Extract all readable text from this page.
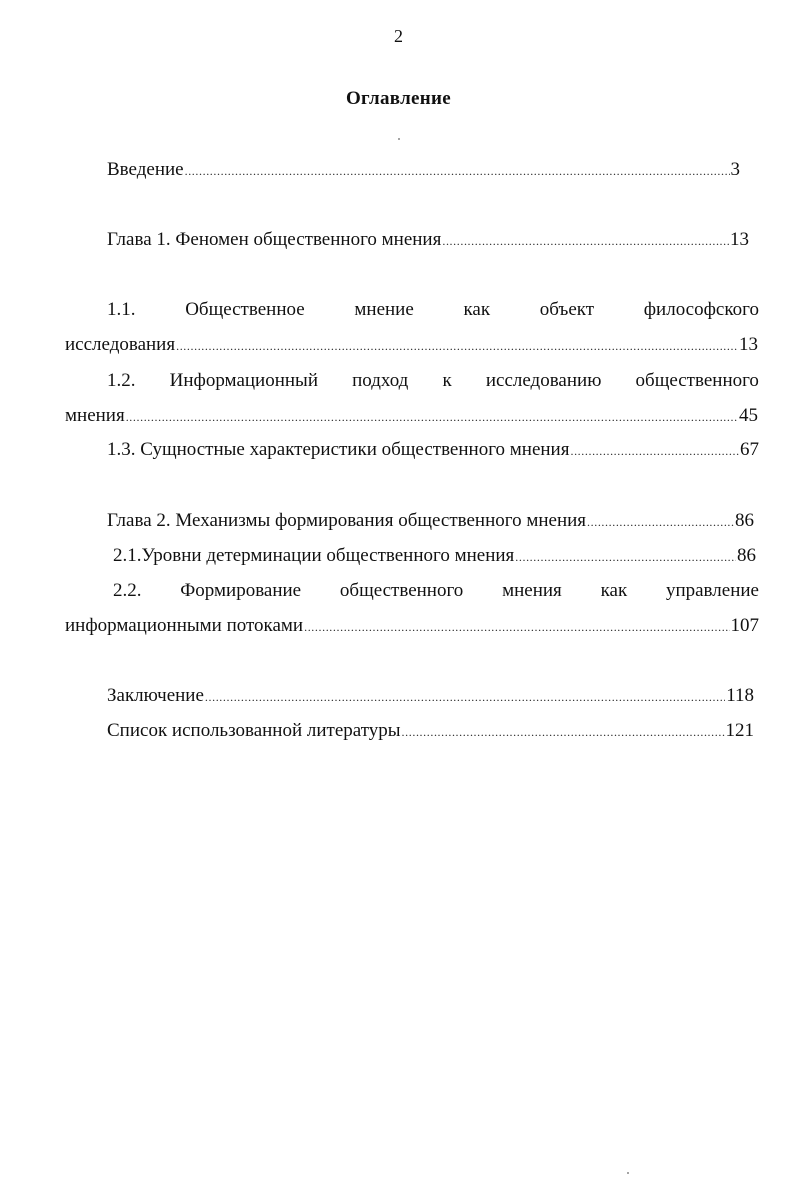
2
Оглавление
Введение .....	3
Глава 1. Феномен общественного мнения .....	13
1.1.	Общественное	мнение	как	объект	философского
исследования .....	13
1.2. Информационный подход к исследованию общественного
мнения .....	45
1.3. Сущностные характеристики общественного мнения .....	67
Глава 2. Механизмы формирования общественного мнения .....	86
2.1.Уровни детерминации общественного мнения .....	86
2.2. Формирование общественного мнения как управление
информационными потоками .....	107
Заключение .....	118
Список использованной литературы .....	121
